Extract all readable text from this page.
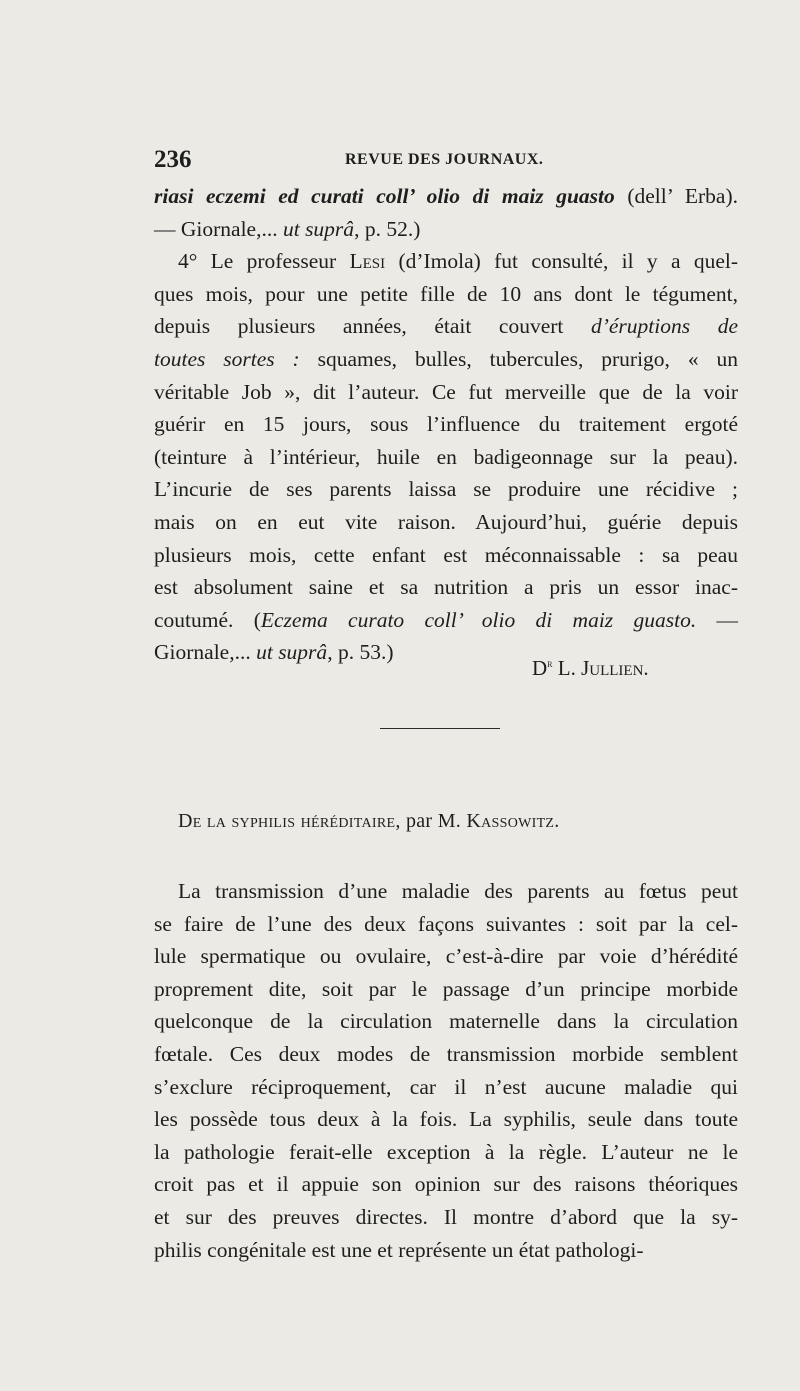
236	REVUE DES JOURNAUX.
riasi eczemi ed curati coll’ olio di maiz guasto (dell’ Erba).
— Giornale,... ut suprâ, p. 52.)
4° Le professeur Lesi (d’Imola) fut consulté, il y a quel-
ques mois, pour une petite fille de 10 ans dont le tégument,
depuis plusieurs années, était couvert d’éruptions de
toutes sortes : squames, bulles, tubercules, prurigo, « un
véritable Job », dit l’auteur. Ce fut merveille que de la voir
guérir en 15 jours, sous l’influence du traitement ergoté
(teinture à l’intérieur, huile en badigeonnage sur la peau).
L’incurie de ses parents laissa se produire une récidive ;
mais on en eut vite raison. Aujourd’hui, guérie depuis
plusieurs mois, cette enfant est méconnaissable : sa peau
est absolument saine et sa nutrition a pris un essor inac-
coutumé. (Eczema curato coll’ olio di maiz guasto. —
Giornale,... ut suprâ, p. 53.)
$D^r$ L. Jullien.
De la syphilis héréditaire, par M. Kassowitz.
La transmission d’une maladie des parents au fœtus peut
se faire de l’une des deux façons suivantes : soit par la cel-
lule spermatique ou ovulaire, c’est-à-dire par voie d’hérédité
proprement dite, soit par le passage d’un principe morbide
quelconque de la circulation maternelle dans la circulation
fœtale. Ces deux modes de transmission morbide semblent
s’exclure réciproquement, car il n’est aucune maladie qui
les possède tous deux à la fois. La syphilis, seule dans toute
la pathologie ferait-elle exception à la règle. L’auteur ne le
croit pas et il appuie son opinion sur des raisons théoriques
et sur des preuves directes. Il montre d’abord que la sy-
philis congénitale est une et représente un état pathologi-
